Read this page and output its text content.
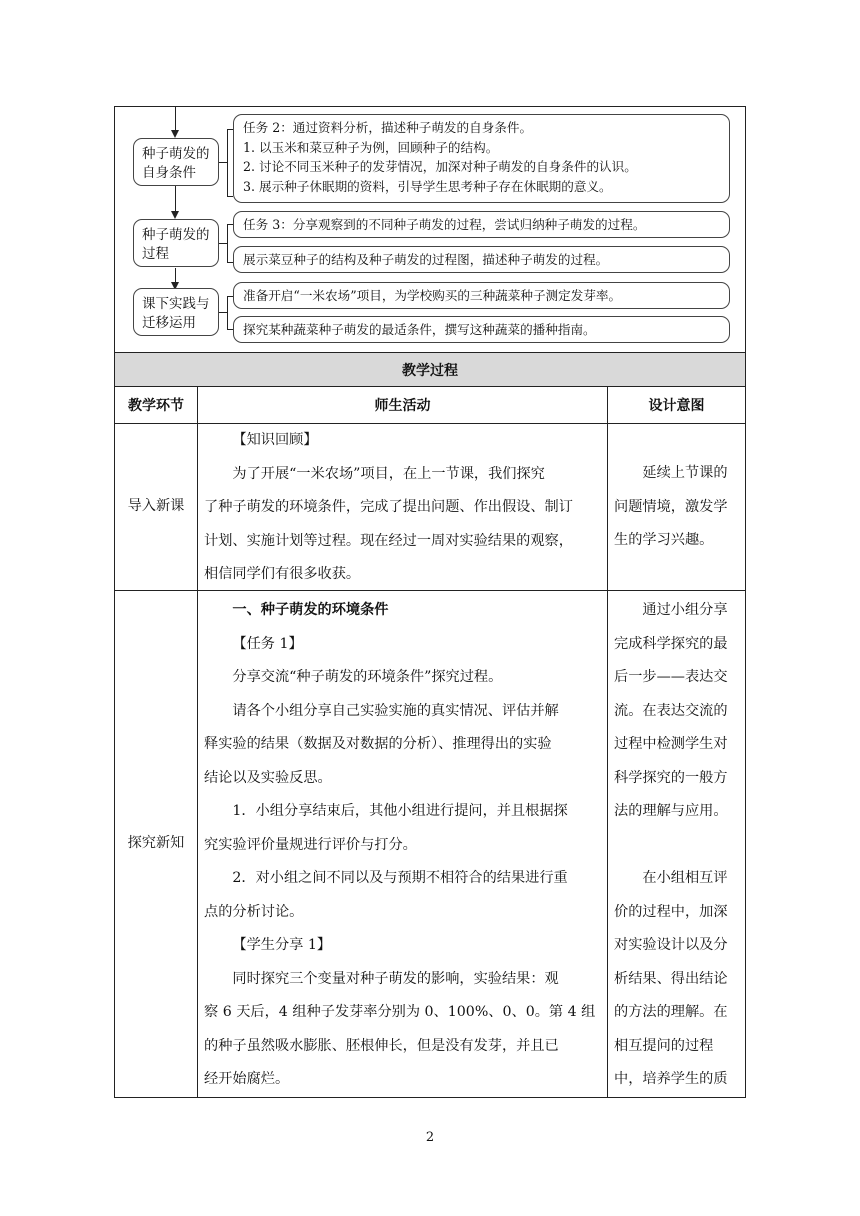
种子萌发的
自身条件
种子萌发的
过程
课下实践与
迁移运用
任务 2：通过资料分析，描述种子萌发的自身条件。
1. 以玉米和菜豆种子为例，回顾种子的结构。
2. 讨论不同玉米种子的发芽情况，加深对种子萌发的自身条件的认识。
3. 展示种子休眠期的资料，引导学生思考种子存在休眠期的意义。
任务 3：分享观察到的不同种子萌发的过程，尝试归纳种子萌发的过程。
展示菜豆种子的结构及种子萌发的过程图，描述种子萌发的过程。
准备开启“一米农场”项目，为学校购买的三种蔬菜种子测定发芽率。
探究某种蔬菜种子萌发的最适条件，撰写这种蔬菜的播种指南。
教学过程
教学环节	师生活动	设计意图
导入新课
【知识回顾】
为了开展“一米农场”项目，在上一节课，我们探究
了种子萌发的环境条件，完成了提出问题、作出假设、制订
计划、实施计划等过程。现在经过一周对实验结果的观察，
相信同学们有很多收获。
延续上节课的
问题情境，激发学
生的学习兴趣。
探究新知
一、种子萌发的环境条件
【任务 1】
分享交流“种子萌发的环境条件”探究过程。
请各个小组分享自己实验实施的真实情况、评估并解
释实验的结果（数据及对数据的分析）、推理得出的实验
结论以及实验反思。
1．小组分享结束后，其他小组进行提问，并且根据探
究实验评价量规进行评价与打分。
2．对小组之间不同以及与预期不相符合的结果进行重
点的分析讨论。
【学生分享 1】
同时探究三个变量对种子萌发的影响，实验结果：观
察 6 天后，4 组种子发芽率分别为 0、100%、0、0。第 4 组
的种子虽然吸水膨胀、胚根伸长，但是没有发芽，并且已
经开始腐烂。
通过小组分享
完成科学探究的最
后一步——表达交
流。在表达交流的
过程中检测学生对
科学探究的一般方
法的理解与应用。
在小组相互评
价的过程中，加深
对实验设计以及分
析结果、得出结论
的方法的理解。在
相互提问的过程
中，培养学生的质
2
